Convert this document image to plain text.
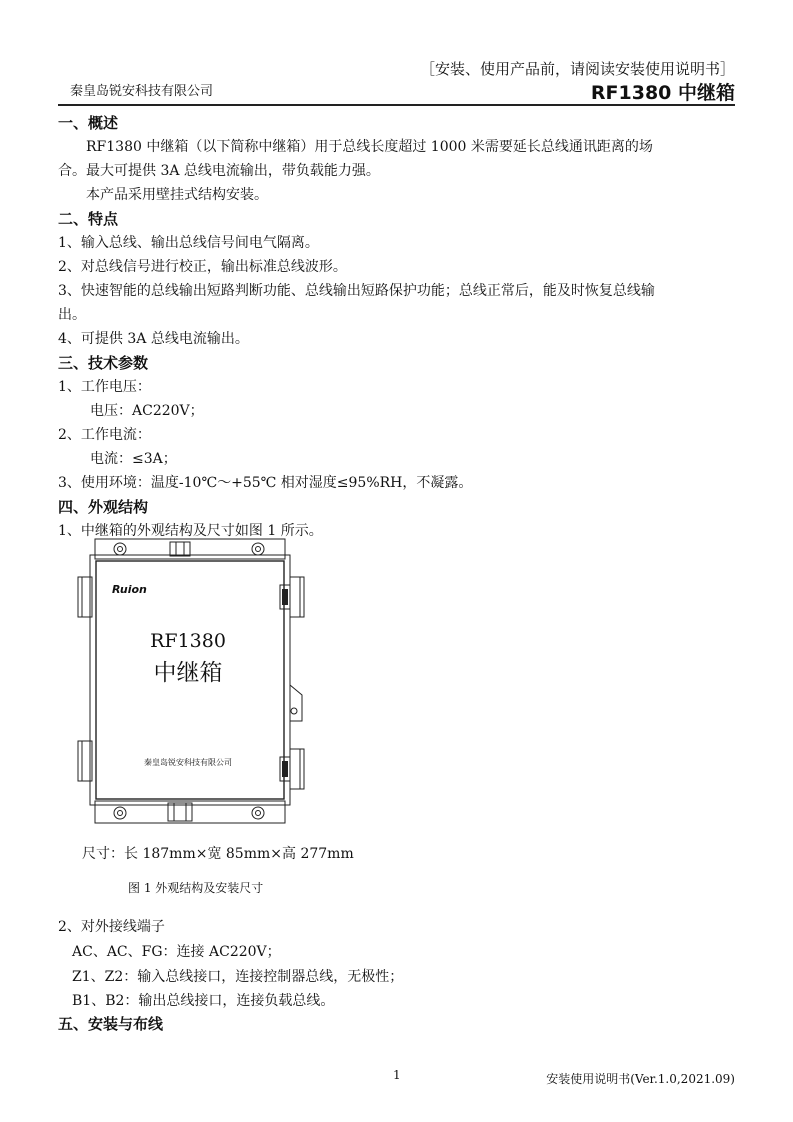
［安装、使用产品前，请阅读安装使用说明书］
秦皇岛锐安科技有限公司	RF1380 中继箱
一、概述
RF1380 中继箱（以下简称中继箱）用于总线长度超过 1000 米需要延长总线通讯距离的场
合。最大可提供 3A 总线电流输出，带负载能力强。
本产品采用壁挂式结构安装。
二、特点
1、输入总线、输出总线信号间电气隔离。
2、对总线信号进行校正，输出标准总线波形。
3、快速智能的总线输出短路判断功能、总线输出短路保护功能；总线正常后，能及时恢复总线输
出。
4、可提供 3A 总线电流输出。
三、技术参数
1、工作电压：
电压：AC220V；
2、工作电流：
电流：≤3A；
3、使用环境：温度-10℃～+55℃ 相对湿度≤95%RH，不凝露。
四、外观结构
1、中继箱的外观结构及尺寸如图 1 所示。
Ruion
RF1380
中继箱
秦皇岛锐安科技有限公司
尺寸：长 187mm×宽 85mm×高 277mm
图 1 外观结构及安装尺寸
2、对外接线端子
AC、AC、FG：连接 AC220V；
Z1、Z2：输入总线接口，连接控制器总线，无极性；
B1、B2：输出总线接口，连接负载总线。
五、安装与布线
1	安装使用说明书(Ver.1.0,2021.09)
